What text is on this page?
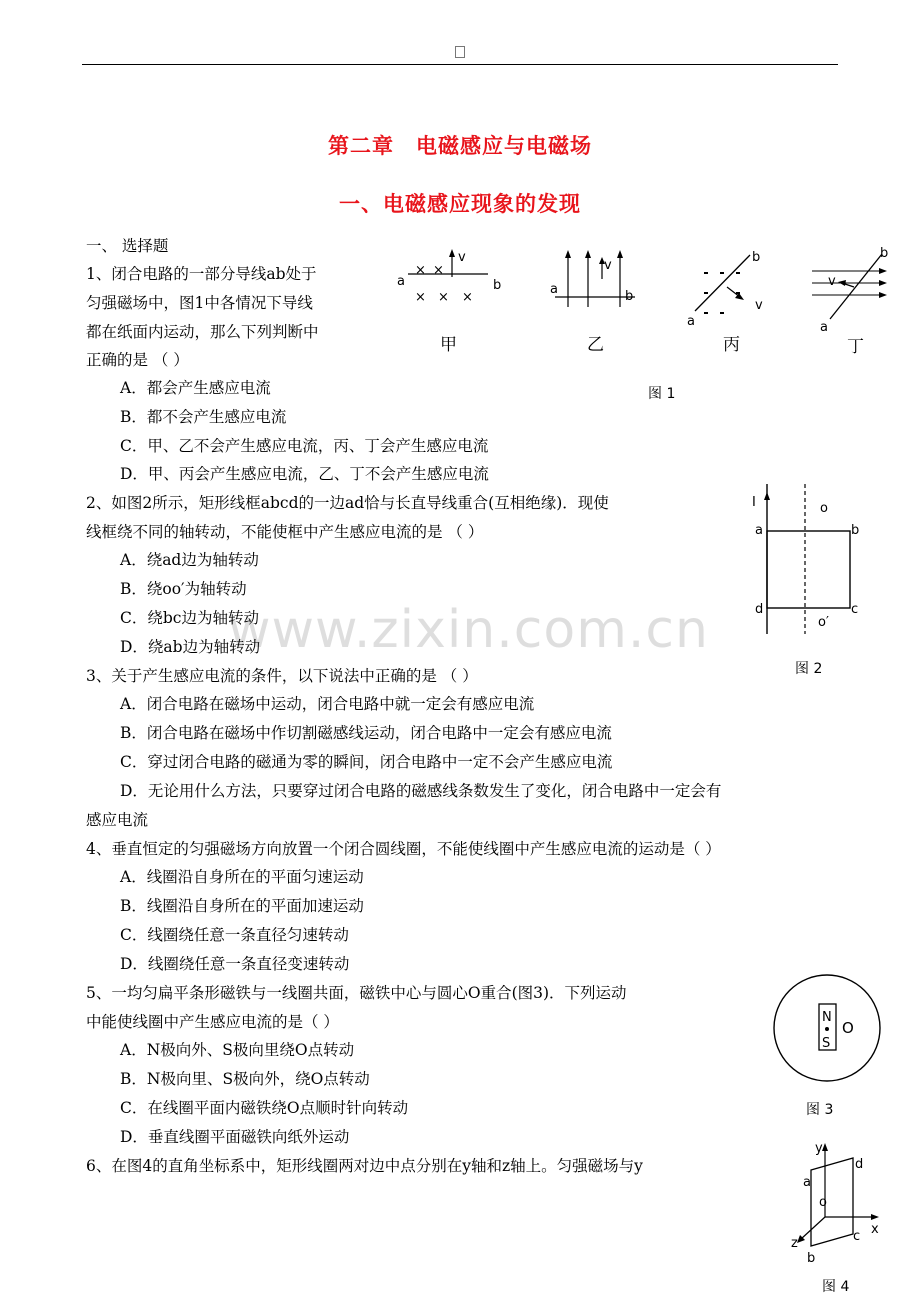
第二章　电磁感应与电磁场
一、电磁感应现象的发现
www.zixin.com.cn
一、 选择题
1、闭合电路的一部分导线ab处于
匀强磁场中，图1中各情况下导线
都在纸面内运动，那么下列判断中
正确的是 （ ）
A．都会产生感应电流
B．都不会产生感应电流
C．甲、乙不会产生感应电流，丙、丁会产生感应电流
D．甲、丙会产生感应电流，乙、丁不会产生感应电流
2、如图2所示，矩形线框abcd的一边ad恰与长直导线重合(互相绝缘)．现使
线框绕不同的轴转动，不能使框中产生感应电流的是 （ ）
A．绕ad边为轴转动
B．绕oo′为轴转动
C．绕bc边为轴转动
D．绕ab边为轴转动
3、关于产生感应电流的条件，以下说法中正确的是 （ ）
A．闭合电路在磁场中运动，闭合电路中就一定会有感应电流
B．闭合电路在磁场中作切割磁感线运动，闭合电路中一定会有感应电流
C．穿过闭合电路的磁通为零的瞬间，闭合电路中一定不会产生感应电流
D．无论用什么方法，只要穿过闭合电路的磁感线条数发生了变化，闭合电路中一定会有
感应电流
4、垂直恒定的匀强磁场方向放置一个闭合圆线圈，不能使线圈中产生感应电流的运动是（ ）
A．线圈沿自身所在的平面匀速运动
B．线圈沿自身所在的平面加速运动
C．线圈绕任意一条直径匀速转动
D．线圈绕任意一条直径变速转动
5、一均匀扁平条形磁铁与一线圈共面，磁铁中心与圆心O重合(图3)．下列运动
中能使线圈中产生感应电流的是（ ）
A．N极向外、S极向里绕O点转动
B．N极向里、S极向外，绕O点转动
C．在线圈平面内磁铁绕O点顺时针向转动
D．垂直线圈平面磁铁向纸外运动
6、在图4的直角坐标系中，矩形线圈两对边中点分别在y轴和z轴上。匀强磁场与y
a	b
× ×
× × ×
v
v
a	b
a
b
v
a
b
v
甲	乙	丙	丁
图 1
I	o
o′
a	b
c
d
图 2
N
S
O
图 3
y
x
z
o
a
d
c
b
图 4
